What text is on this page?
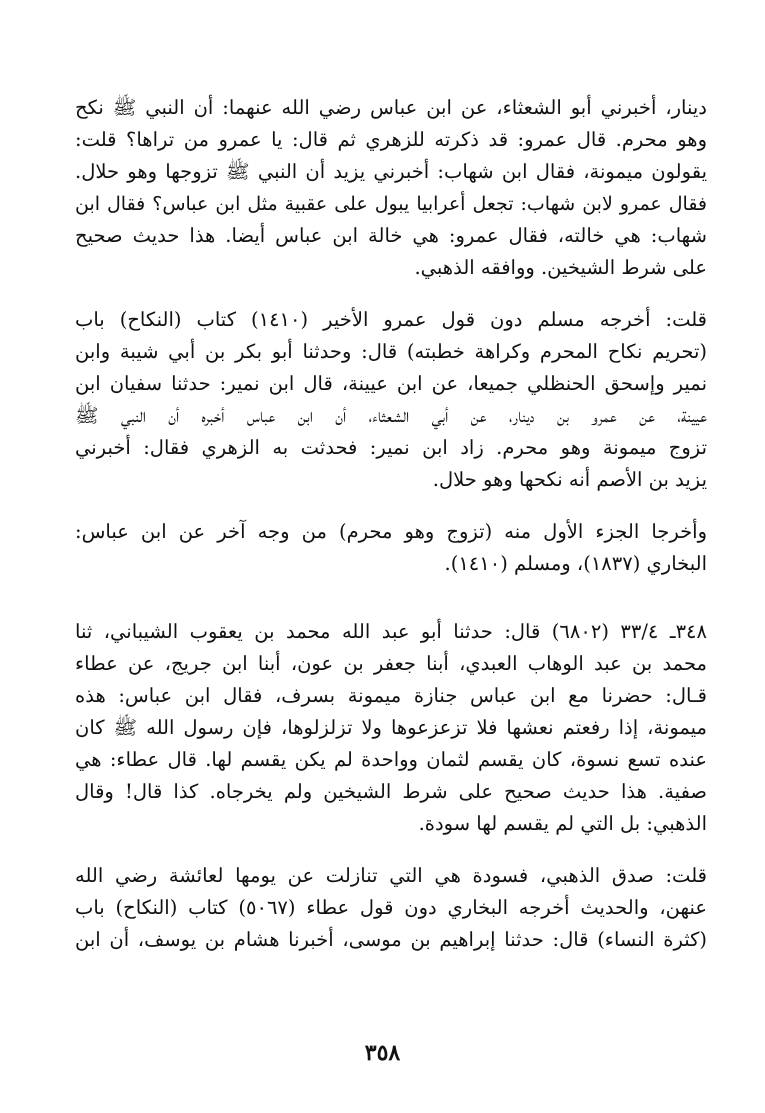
دينار، أخبرني أبو الشعثاء، عن ابن عباس رضي الله عنهما: أن النبي ﷺ نكح
وهو محرم. قال عمرو: قد ذكرته للزهري ثم قال: يا عمرو من تراها؟ قلت:
يقولون ميمونة، فقال ابن شهاب: أخبرني يزيد أن النبي ﷺ تزوجها وهو حلال.
فقال عمرو لابن شهاب: تجعل أعرابيا يبول على عقبية مثل ابن عباس؟ فقال ابن
شهاب: هي خالته، فقال عمرو: هي خالة ابن عباس أيضا. هذا حديث صحيح
على شرط الشيخين. ووافقه الذهبي.
قلت: أخرجه مسلم دون قول عمرو الأخير (١٤١٠) كتاب (النكاح) باب
(تحريم نكاح المحرم وكراهة خطبته) قال: وحدثنا أبو بكر بن أبي شيبة وابن
نمير وإسحق الحنظلي جميعا، عن ابن عيينة، قال ابن نمير: حدثنا سفيان ابن
عيينة، عن عمرو بن دينار، عن أبي الشعثاء، أن ابن عباس أخبره أن النبي ﷺ
تزوج ميمونة وهو محرم. زاد ابن نمير: فحدثت به الزهري فقال: أخبرني
يزيد بن الأصم أنه نكحها وهو حلال.
وأخرجا الجزء الأول منه (تزوج وهو محرم) من وجه آخر عن ابن عباس:
البخاري (١٨٣٧)، ومسلم (١٤١٠).
٣٤٨ـ ٣٣/٤ (٦٨٠٢) قال: حدثنا أبو عبد الله محمد بن يعقوب الشيباني، ثنا
محمد بن عبد الوهاب العبدي، أبنا جعفر بن عون، أبنا ابن جريج، عن عطاء
قـال: حضرنا مع ابن عباس جنازة ميمونة بسرف، فقال ابن عباس: هذه
ميمونة، إذا رفعتم نعشها فلا تزعزعوها ولا تزلزلوها، فإن رسول الله ﷺ كان
عنده تسع نسوة، كان يقسم لثمان وواحدة لم يكن يقسم لها. قال عطاء: هي
صفية. هذا حديث صحيح على شرط الشيخين ولم يخرجاه. كذا قال! وقال
الذهبي: بل التي لم يقسم لها سودة.
قلت: صدق الذهبي، فسودة هي التي تنازلت عن يومها لعائشة رضي الله
عنهن، والحديث أخرجه البخاري دون قول عطاء (٥٠٦٧) كتاب (النكاح) باب
(كثرة النساء) قال: حدثنا إبراهيم بن موسى، أخبرنا هشام بن يوسف، أن ابن
٣٥٨
